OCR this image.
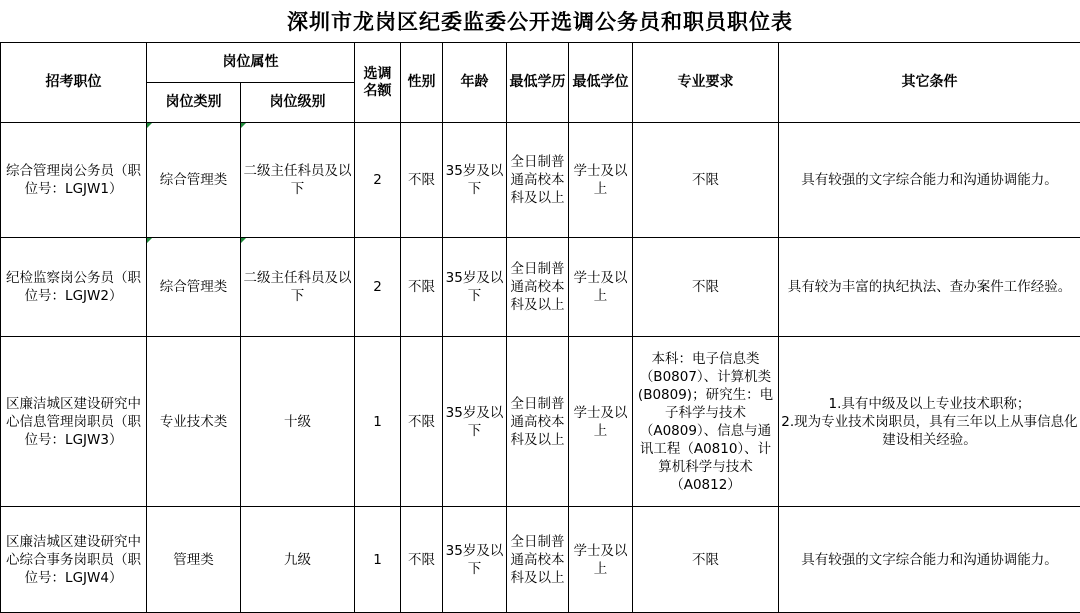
深圳市龙岗区纪委监委公开选调公务员和职员职位表
招考职位	岗位属性		选调名额	性别	年龄	最低学历	最低学位	专业要求	其它条件
	岗位类别	岗位级别							
综合管理岗公务员（职位号：LGJW1）	综合管理类	二级主任科员及以下	2	不限	35岁及以下	全日制普通高校本科及以上	学士及以上	不限	具有较强的文字综合能力和沟通协调能力。
纪检监察岗公务员（职位号：LGJW2）	综合管理类	二级主任科员及以下	2	不限	35岁及以下	全日制普通高校本科及以上	学士及以上	不限	具有较为丰富的执纪执法、查办案件工作经验。
区廉洁城区建设研究中心信息管理岗职员（职位号：LGJW3）	专业技术类	十级	1	不限	35岁及以下	全日制普通高校本科及以上	学士及以上	本科：电子信息类（B0807）、计算机类(B0809)；研究生：电子科学与技术（A0809）、信息与通讯工程（A0810）、计算机科学与技术（A0812）	1.具有中级及以上专业技术职称；
2.现为专业技术岗职员，具有三年以上从事信息化建设相关经验。
区廉洁城区建设研究中心综合事务岗职员（职位号：LGJW4）	管理类	九级	1	不限	35岁及以下	全日制普通高校本科及以上	学士及以上	不限	具有较强的文字综合能力和沟通协调能力。
